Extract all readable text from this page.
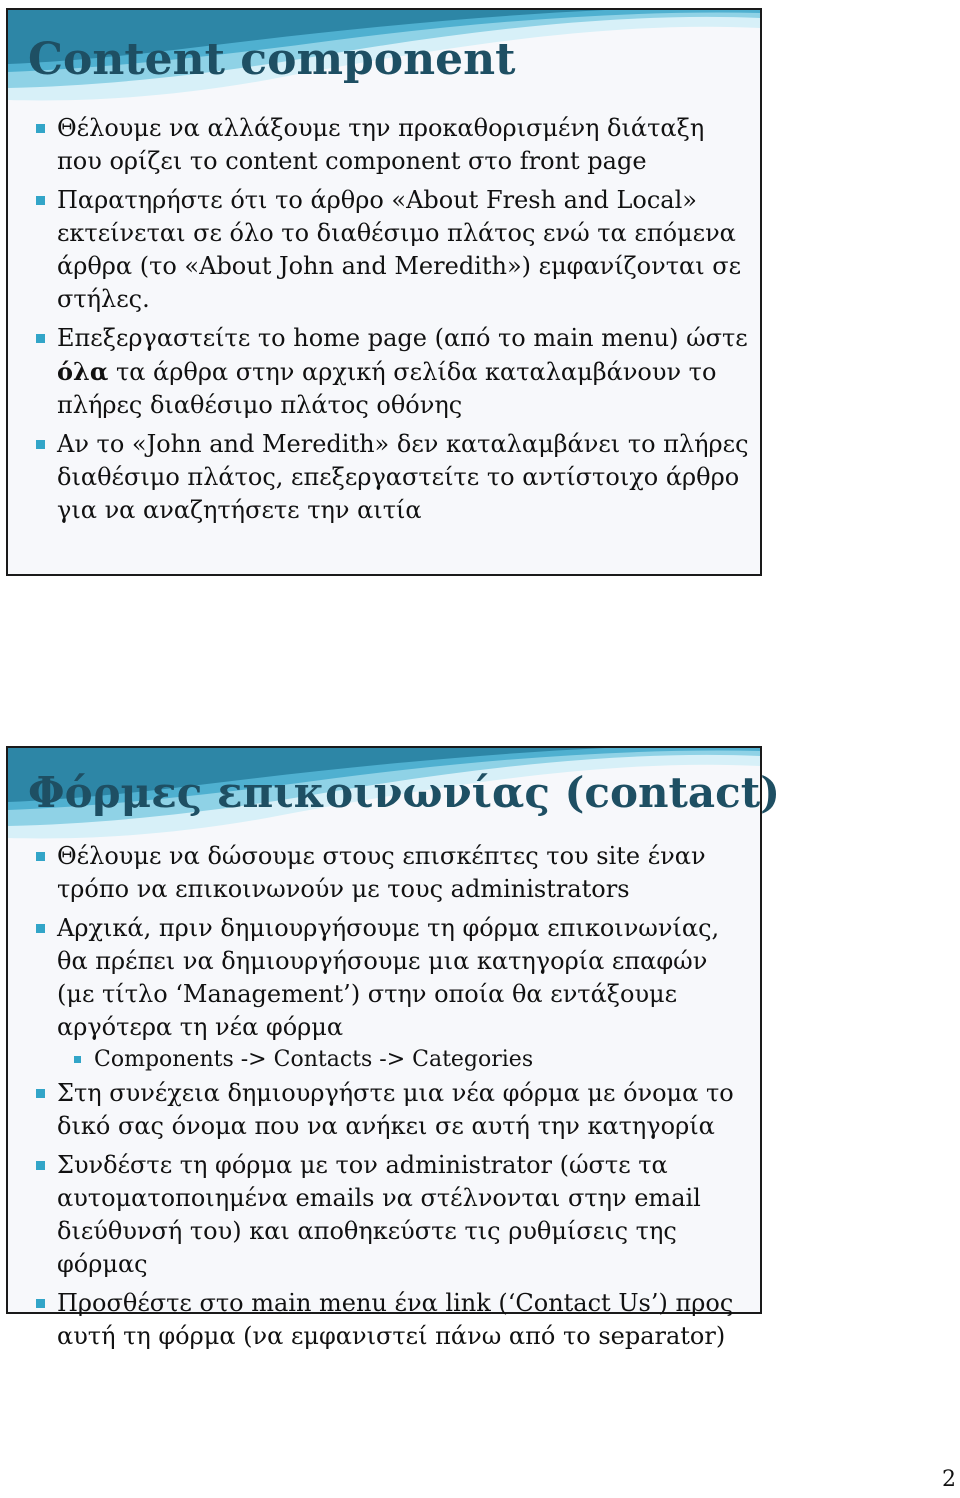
Content component
Θέλουμε να αλλάξουμε την προκαθορισμένη διάταξη που ορίζει το content component στο front page
Παρατηρήστε ότι το άρθρο «About Fresh and Local» εκτείνεται σε όλο το διαθέσιμο πλάτος ενώ τα επόμενα άρθρα (το «About John and Meredith») εμφανίζονται σε στήλες.
Επεξεργαστείτε το home page (από το main menu) ώστε όλα τα άρθρα στην αρχική σελίδα καταλαμβάνουν το πλήρες διαθέσιμο πλάτος οθόνης
Αν το «John and Meredith» δεν καταλαμβάνει το πλήρες διαθέσιμο πλάτος, επεξεργαστείτε το αντίστοιχο άρθρο για να αναζητήσετε την αιτία
Φόρμες επικοινωνίας (contact)
Θέλουμε να δώσουμε στους επισκέπτες του site έναν τρόπο να επικοινωνούν με τους administrators
Αρχικά, πριν δημιουργήσουμε τη φόρμα επικοινωνίας, θα πρέπει να δημιουργήσουμε μια κατηγορία επαφών (με τίτλο ‘Management’) στην οποία θα εντάξουμε αργότερα τη νέα φόρμα
Components -> Contacts -> Categories
Στη συνέχεια δημιουργήστε μια νέα φόρμα με όνομα το δικό σας όνομα που να ανήκει σε αυτή την κατηγορία
Συνδέστε τη φόρμα με τον administrator (ώστε τα αυτοματοποιημένα emails να στέλνονται στην email διεύθυνσή του) και αποθηκεύστε τις ρυθμίσεις της φόρμας
Προσθέστε στο main menu ένα link (‘Contact Us’) προς αυτή τη φόρμα (να εμφανιστεί πάνω από το separator)
2
